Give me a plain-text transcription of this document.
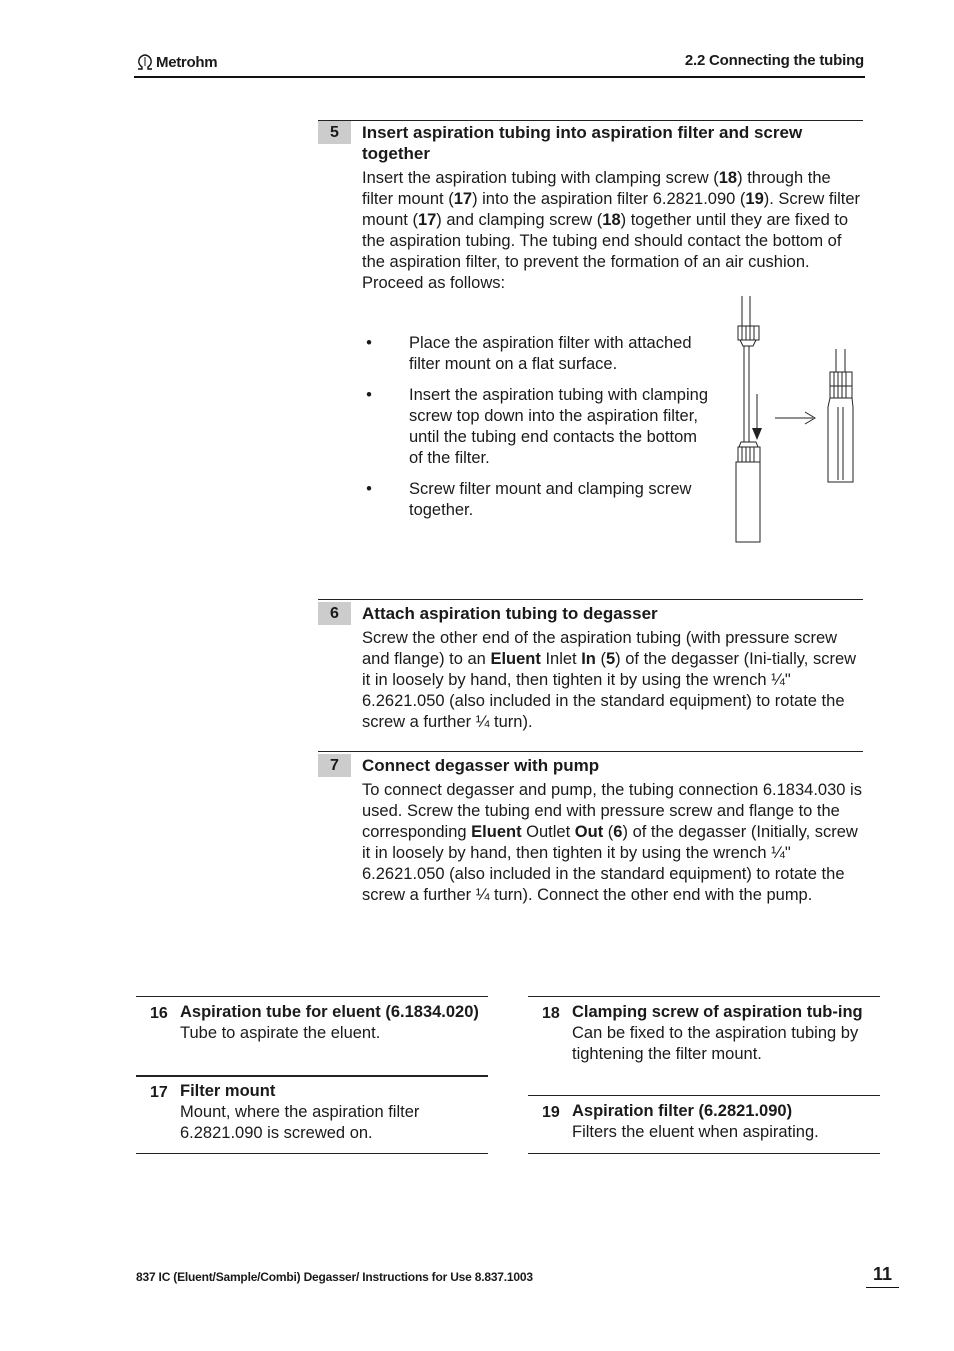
Metrohm	2.2 Connecting the tubing
5	Insert aspiration tubing into aspiration filter and screw together
Insert the aspiration tubing with clamping screw (18) through the filter mount (17) into the aspiration filter 6.2821.090 (19). Screw filter mount (17) and clamping screw (18) together until they are fixed to the aspiration tubing. The tubing end should contact the bottom of the aspiration filter, to prevent the formation of an air cushion. Proceed as follows:
• Place the aspiration filter with attached filter mount on a flat surface.
• Insert the aspiration tubing with clamping screw top down into the aspiration filter, until the tubing end contacts the bottom of the filter.
• Screw filter mount and clamping screw together.
6	Attach aspiration tubing to degasser
Screw the other end of the aspiration tubing (with pressure screw and flange) to an Eluent Inlet In (5) of the degasser (Ini-tially, screw it in loosely by hand, then tighten it by using the wrench ¼" 6.2621.050 (also included in the standard equipment) to rotate the screw a further ¼ turn).
7	Connect degasser with pump
To connect degasser and pump, the tubing connection 6.1834.030 is used. Screw the tubing end with pressure screw and flange to the corresponding Eluent Outlet Out (6) of the degasser (Initially, screw it in loosely by hand, then tighten it by using the wrench ¼" 6.2621.050 (also included in the standard equipment) to rotate the screw a further ¼ turn). Connect the other end with the pump.
16 Aspiration tube for eluent (6.1834.020)
Tube to aspirate the eluent.
17 Filter mount
Mount, where the aspiration filter 6.2821.090 is screwed on.
18 Clamping screw of aspiration tub-ing
Can be fixed to the aspiration tubing by tightening the filter mount.
19 Aspiration filter (6.2821.090)
Filters the eluent when aspirating.
837 IC (Eluent/Sample/Combi) Degasser/ Instructions for Use 8.837.1003	11
